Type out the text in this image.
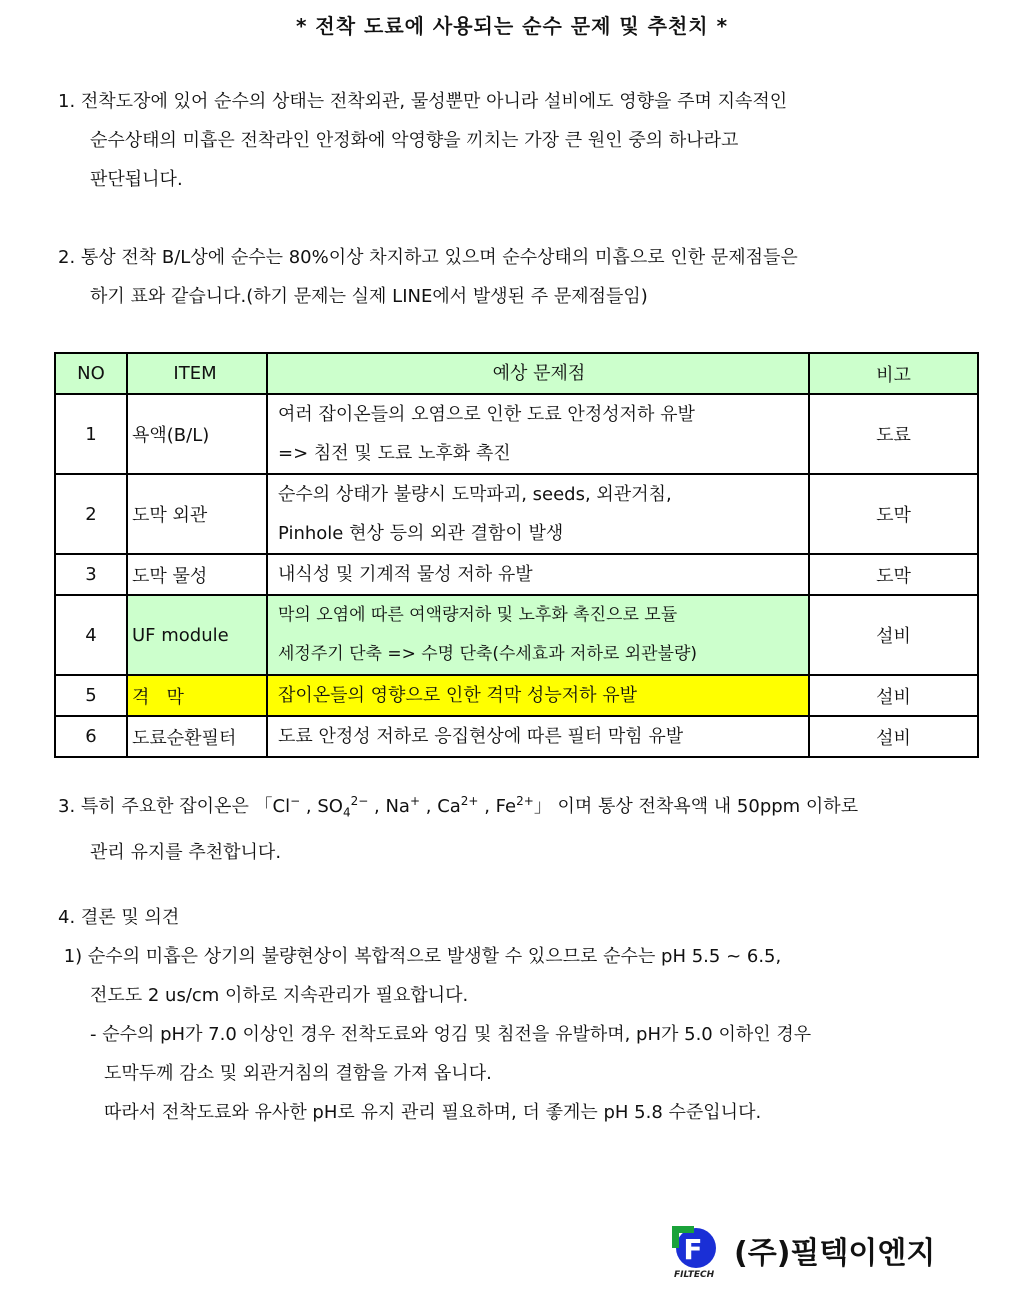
* 전착 도료에 사용되는 순수 문제 및 추천치 *
1. 전착도장에 있어 순수의 상태는 전착외관, 물성뿐만 아니라 설비에도 영향을 주며 지속적인
순수상태의 미흡은 전착라인 안정화에 악영향을 끼치는 가장 큰 원인 중의 하나라고
판단됩니다.
2. 통상 전착 B/L상에 순수는 80%이상 차지하고 있으며 순수상태의 미흡으로 인한 문제점들은
하기 표와 같습니다.(하기 문제는 실제 LINE에서 발생된 주 문제점들임)
NO	ITEM	예상 문제점	비고
1	욕액(B/L)	여러 잡이온들의 오염으로 인한 도료 안정성저하 유발
=> 침전 및 도료 노후화 촉진	도료
2	도막 외관	순수의 상태가 불량시 도막파괴, seeds, 외관거침,
Pinhole 현상 등의 외관 결함이 발생	도막
3	도막 물성	내식성 및 기계적 물성 저하 유발	도막
4	UF module	막의 오염에 따른 여액량저하 및 노후화 촉진으로 모듈
세정주기 단축 => 수명 단축(수세효과 저하로 외관불량)	설비
5	격   막	잡이온들의 영향으로 인한 격막 성능저하 유발	설비
6	도료순환필터	도료 안정성 저하로 응집현상에 따른 필터 막힘 유발	설비
3. 특히 주요한 잡이온은 「Cl− , $SO_4^{2-}$ , Na+ , $Ca^{2+}$ , $Fe^{2+}$」 이며 통상 전착욕액 내 50ppm 이하로
관리 유지를 추천합니다.
4. 결론 및 의견
1) 순수의 미흡은 상기의 불량현상이 복합적으로 발생할 수 있으므로 순수는 pH 5.5 ~ 6.5,
전도도 2 us/cm 이하로 지속관리가 필요합니다.
- 순수의 pH가 7.0 이상인 경우 전착도료와 엉김 및 침전을 유발하며, pH가 5.0 이하인 경우
도막두께 감소 및 외관거침의 결함을 가져 옵니다.
따라서 전착도료와 유사한 pH로 유지 관리 필요하며, 더 좋게는 pH 5.8 수준입니다.
F
FILTECH
(주)필텍이엔지
